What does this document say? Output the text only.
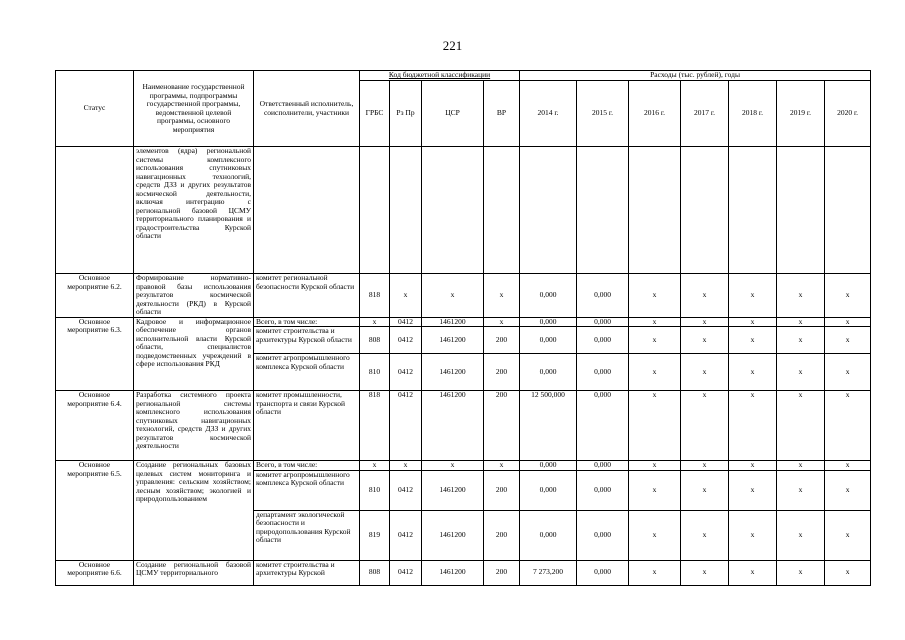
221
Статус	Наименование государственной программы, подпрограммы государственной программы, ведомственной целевой программы, основного мероприятия	Ответственный исполнитель, соисполнители, участники	Код бюджетной классификации				Расходы (тыс. рублей), годы						
			ГРБС	Рз Пр	ЦСР	ВР	2014 г.	2015 г.	2016 г.	2017 г.	2018 г.	2019 г.	2020 г.
	элементов (ядра) региональной системы комплексного использования спутниковых навигационных технологий, средств ДЗЗ и других результатов космической деятельности, включая интеграцию с региональной базовой ЦСМУ территориального планирования и градостроительства Курской области												
Основное мероприятие 6.2.	Формирование нормативно-правовой базы использования результатов космической деятельности (РКД) в Курской области	комитет региональной безопасности Курской области	818	х	х	х	0,000	0,000	х	х	х	х	х
Основное мероприятие 6.3.	Кадровое и информационное обеспечение органов исполнительной власти Курской области, специалистов подведомственных учреждений в сфере использования РКД	Всего, в том числе:	х	0412	1461200	х	0,000	0,000	х	х	х	х	х
		комитет строительства и архитектуры Курской области	808	0412	1461200	200	0,000	0,000	х	х	х	х	х
		комитет агропромышленного комплекса Курской области	810	0412	1461200	200	0,000	0,000	х	х	х	х	х
Основное мероприятие 6.4.	Разработка системного проекта региональной системы комплексного использования спутниковых навигационных технологий, средств ДЗЗ и других результатов космической деятельности	комитет промышленности, транспорта и связи Курской области	818	0412	1461200	200	12 500,000	0,000	х	х	х	х	х
Основное мероприятие 6.5.	Создание региональных базовых целевых систем мониторинга и управления: сельским хозяйством; лесным хозяйством; экологией и природопользованием	Всего, в том числе:	х	х	х	х	0,000	0,000	х	х	х	х	х
		комитет агропромышленного комплекса Курской области	810	0412	1461200	200	0,000	0,000	х	х	х	х	х
		департамент экологической безопасности и природопользования Курской области	819	0412	1461200	200	0,000	0,000	х	х	х	х	х
Основное мероприятие 6.6.	Создание региональной базовой ЦСМУ территориального	комитет строительства и архитектуры Курской	808	0412	1461200	200	7 273,200	0,000	х	х	х	х	х
